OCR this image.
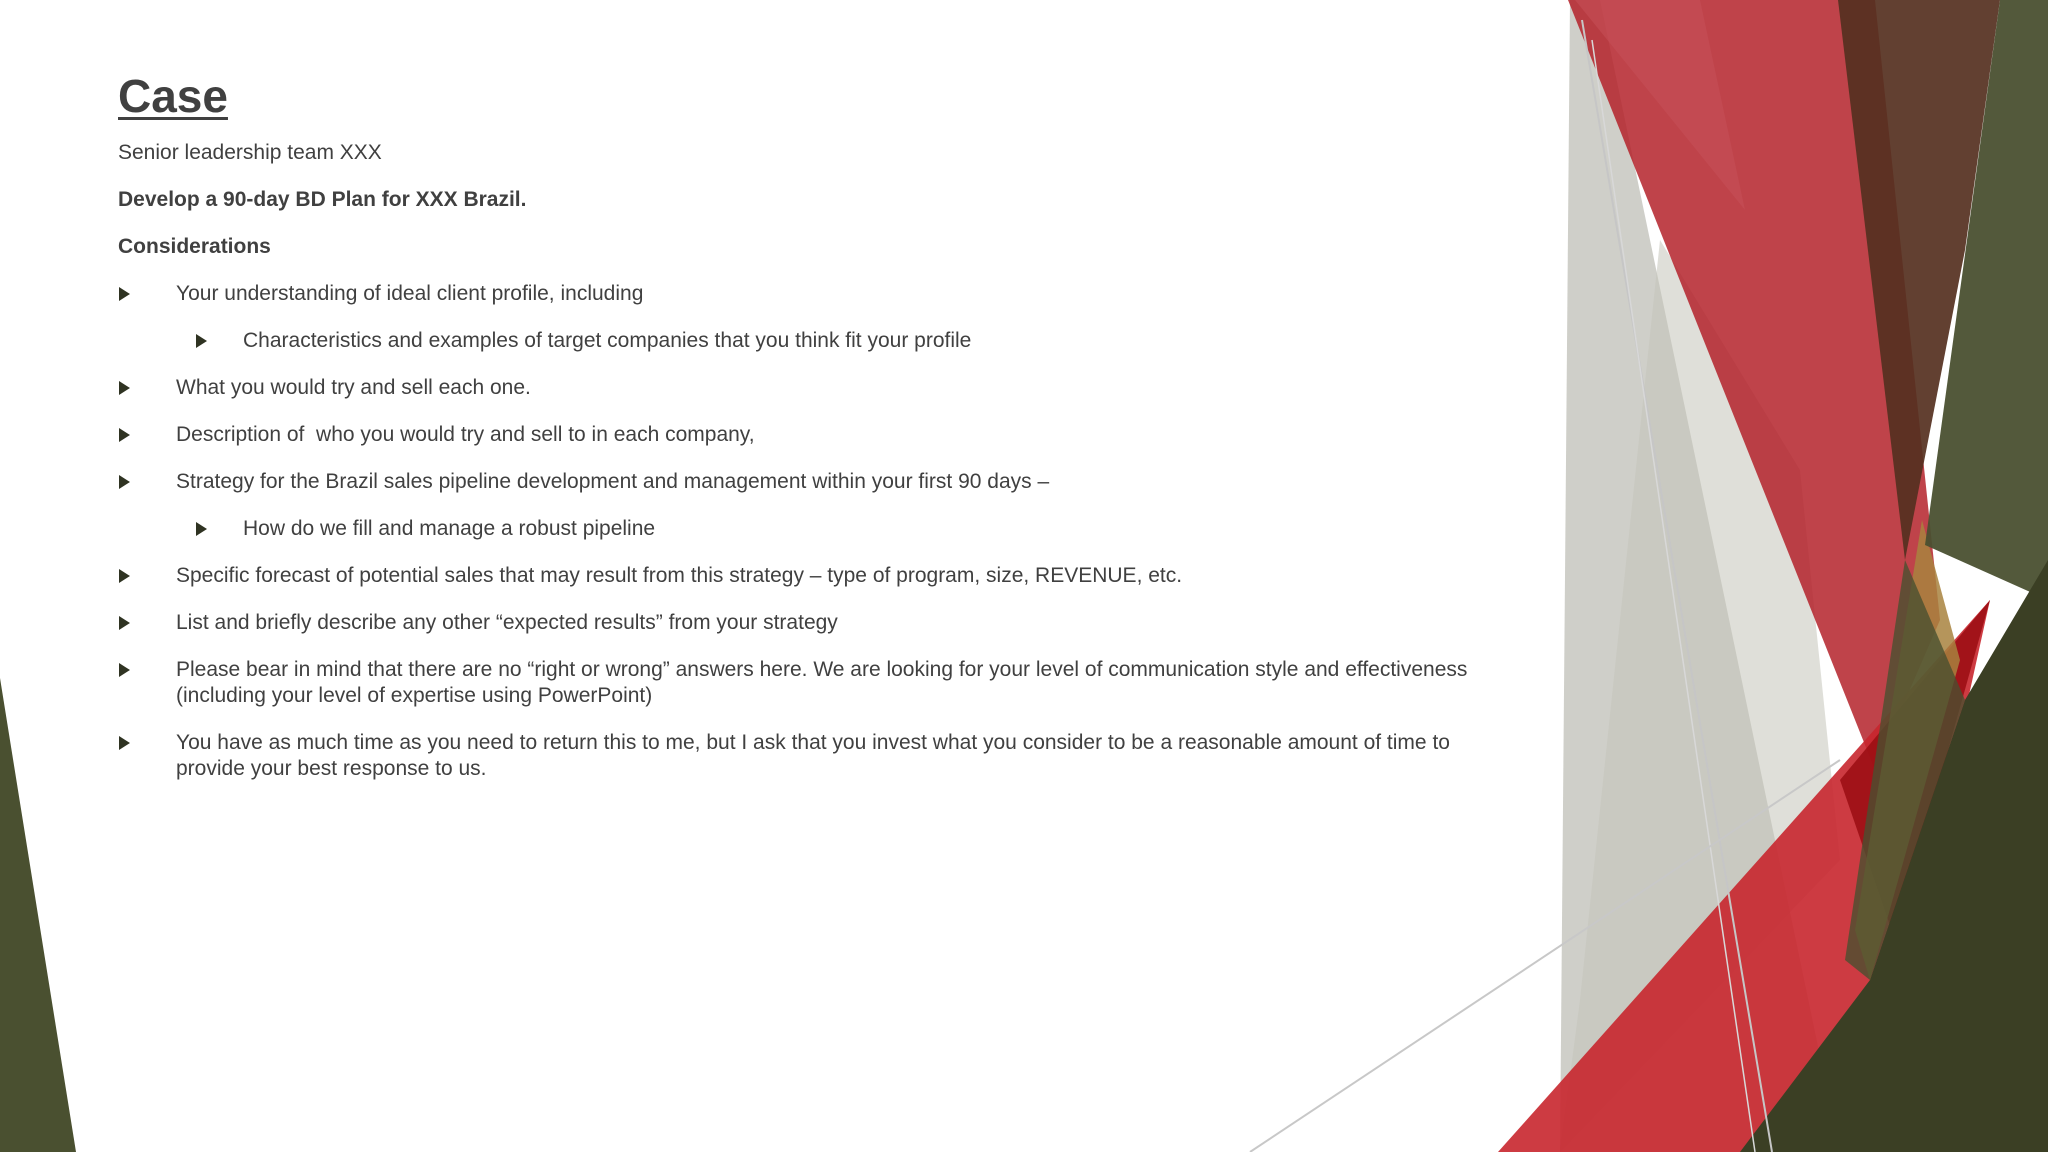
Case
Senior leadership team XXX
Develop a 90-day BD Plan for XXX Brazil.
Considerations
Your understanding of ideal client profile, including
Characteristics and examples of target companies that you think fit your profile
What you would try and sell each one.
Description of  who you would try and sell to in each company,
Strategy for the Brazil sales pipeline development and management within your first 90 days –
How do we fill and manage a robust pipeline
Specific forecast of potential sales that may result from this strategy – type of program, size, REVENUE, etc.
List and briefly describe any other “expected results” from your strategy
Please bear in mind that there are no “right or wrong” answers here. We are looking for your level of communication style and effectiveness (including your level of expertise using PowerPoint)
You have as much time as you need to return this to me, but I ask that you invest what you consider to be a reasonable amount of time to provide your best response to us.
